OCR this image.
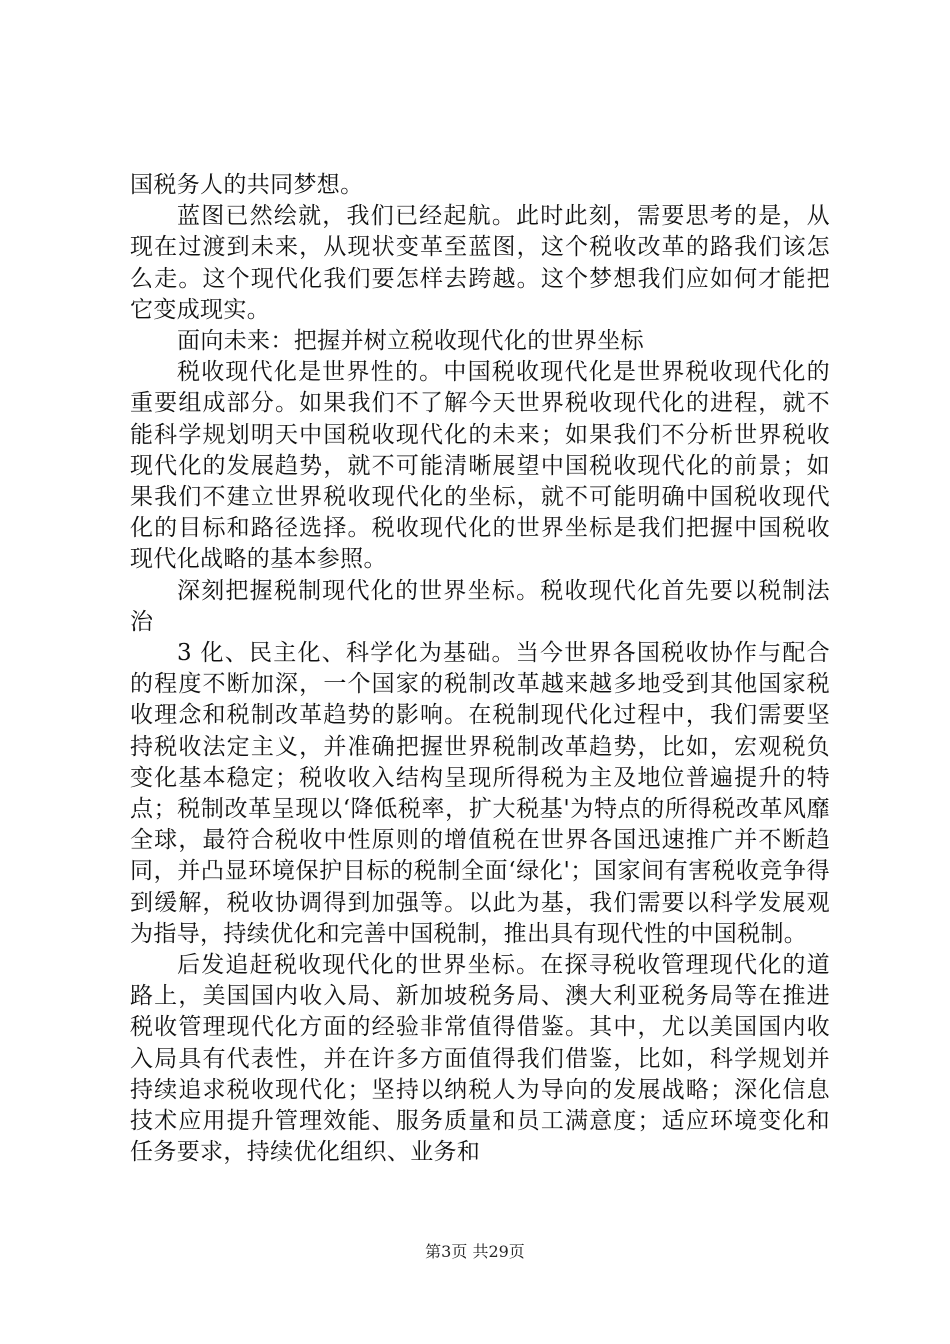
国税务人的共同梦想。

蓝图已然绘就，我们已经起航。此时此刻，需要思考的是，从现在过渡到未来，从现状变革至蓝图，这个税收改革的路我们该怎么走。这个现代化我们要怎样去跨越。这个梦想我们应如何才能把它变成现实。

面向未来：把握并树立税收现代化的世界坐标

税收现代化是世界性的。中国税收现代化是世界税收现代化的重要组成部分。如果我们不了解今天世界税收现代化的进程，就不能科学规划明天中国税收现代化的未来；如果我们不分析世界税收现代化的发展趋势，就不可能清晰展望中国税收现代化的前景；如果我们不建立世界税收现代化的坐标，就不可能明确中国税收现代化的目标和路径选择。税收现代化的世界坐标是我们把握中国税收现代化战略的基本参照。

深刻把握税制现代化的世界坐标。税收现代化首先要以税制法治

3 化、民主化、科学化为基础。当今世界各国税收协作与配合的程度不断加深，一个国家的税制改革越来越多地受到其他国家税收理念和税制改革趋势的影响。在税制现代化过程中，我们需要坚持税收法定主义，并准确把握世界税制改革趋势，比如，宏观税负变化基本稳定；税收收入结构呈现所得税为主及地位普遍提升的特点；税制改革呈现以‘降低税率，扩大税基'为特点的所得税改革风靡全球，最符合税收中性原则的增值税在世界各国迅速推广并不断趋同，并凸显环境保护目标的税制全面‘绿化'；国家间有害税收竞争得到缓解，税收协调得到加强等。以此为基，我们需要以科学发展观为指导，持续优化和完善中国税制，推出具有现代性的中国税制。

后发追赶税收现代化的世界坐标。在探寻税收管理现代化的道路上，美国国内收入局、新加坡税务局、澳大利亚税务局等在推进税收管理现代化方面的经验非常值得借鉴。其中，尤以美国国内收入局具有代表性，并在许多方面值得我们借鉴，比如，科学规划并持续追求税收现代化；坚持以纳税人为导向的发展战略；深化信息技术应用提升管理效能、服务质量和员工满意度；适应环境变化和任务要求，持续优化组织、业务和

第3页 共29页
